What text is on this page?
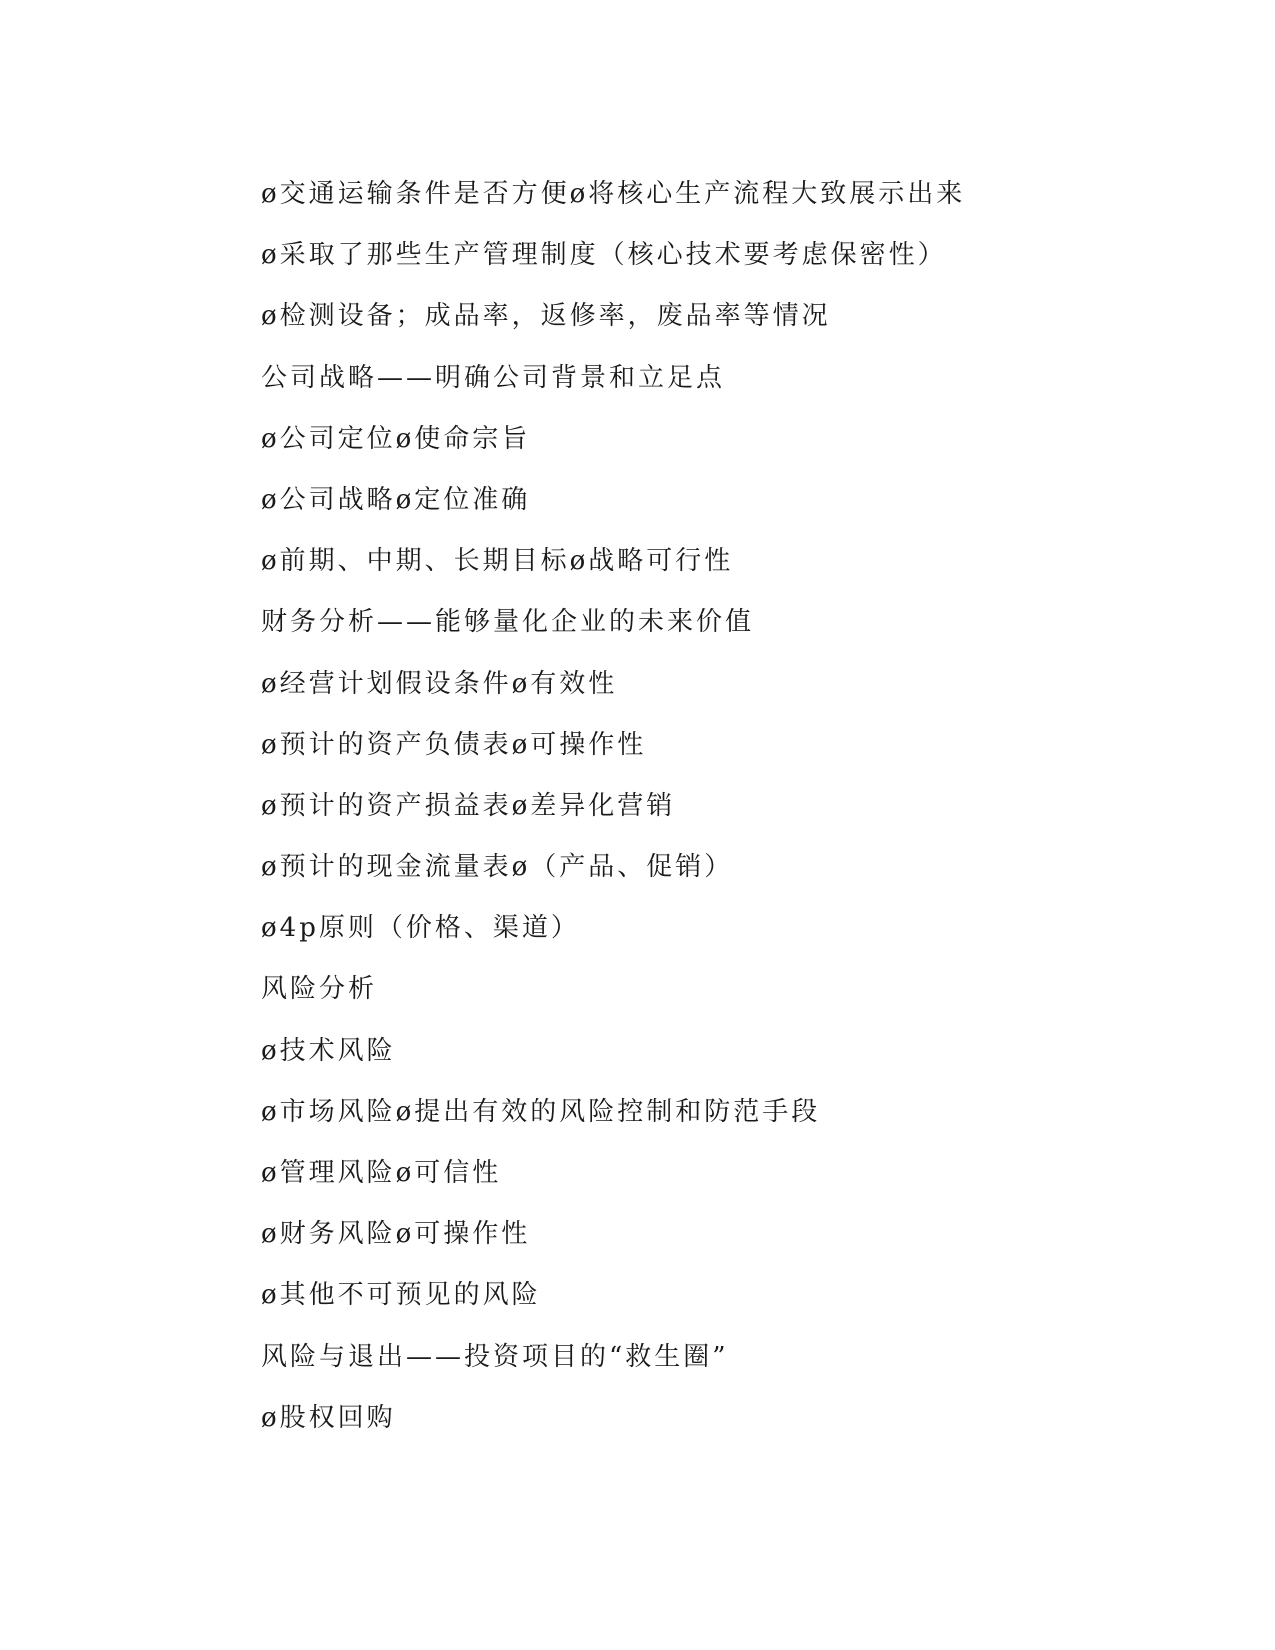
ø交通运输条件是否方便ø将核心生产流程大致展示出来
ø采取了那些生产管理制度（核心技术要考虑保密性）
ø检测设备；成品率，返修率，废品率等情况
公司战略——明确公司背景和立足点
ø公司定位ø使命宗旨
ø公司战略ø定位准确
ø前期、中期、长期目标ø战略可行性
财务分析——能够量化企业的未来价值
ø经营计划假设条件ø有效性
ø预计的资产负债表ø可操作性
ø预计的资产损益表ø差异化营销
ø预计的现金流量表ø（产品、促销）
ø4p原则（价格、渠道）
风险分析
ø技术风险
ø市场风险ø提出有效的风险控制和防范手段
ø管理风险ø可信性
ø财务风险ø可操作性
ø其他不可预见的风险
风险与退出——投资项目的“救生圈”
ø股权回购
